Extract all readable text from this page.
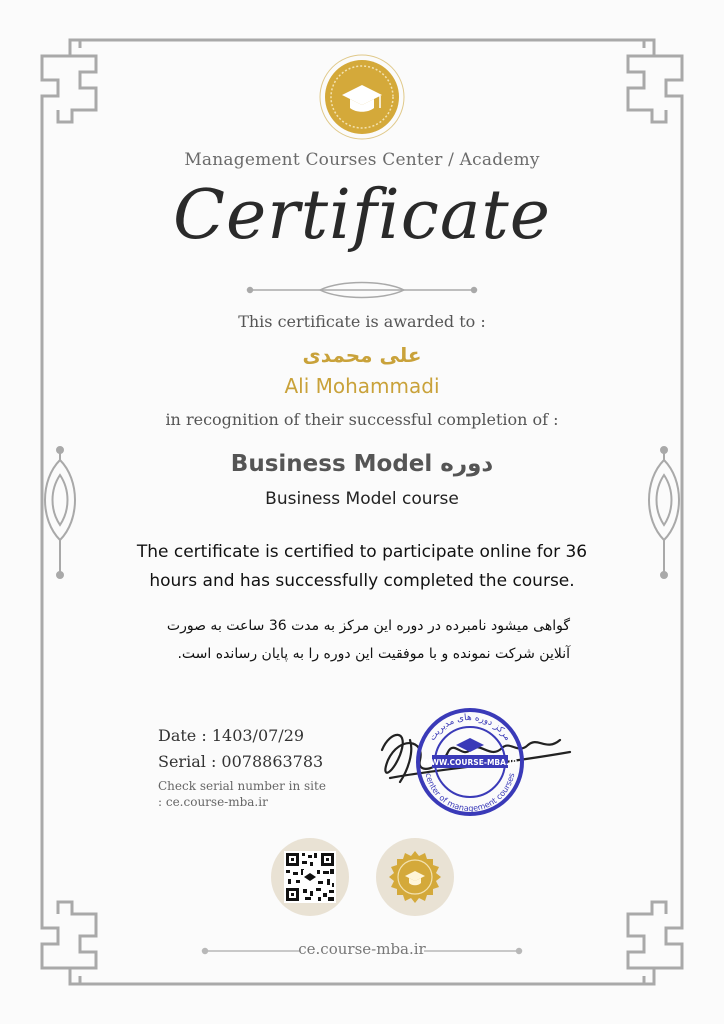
Management Courses Center / Academy
Certificate
This certificate is awarded to :
علی محمدی
Ali Mohammadi
in recognition of their successful completion of :
Business Model دوره
Business Model course
The certificate is certified to participate online for 36 hours and has successfully completed the course.
گواهی میشود نامبرده در دوره این مرکز به مدت 36 ساعت به صورت آنلاین شرکت نمونده و با موفقیت این دوره را به پایان رسانده است.
Date : 1403/07/29
Serial : 0078863783
Check serial number in site : ce.course-mba.ir
مرکز دوره های مدیریت
center of management courses
WWW.COURSE-MBA.IR
ce.course-mba.ir
